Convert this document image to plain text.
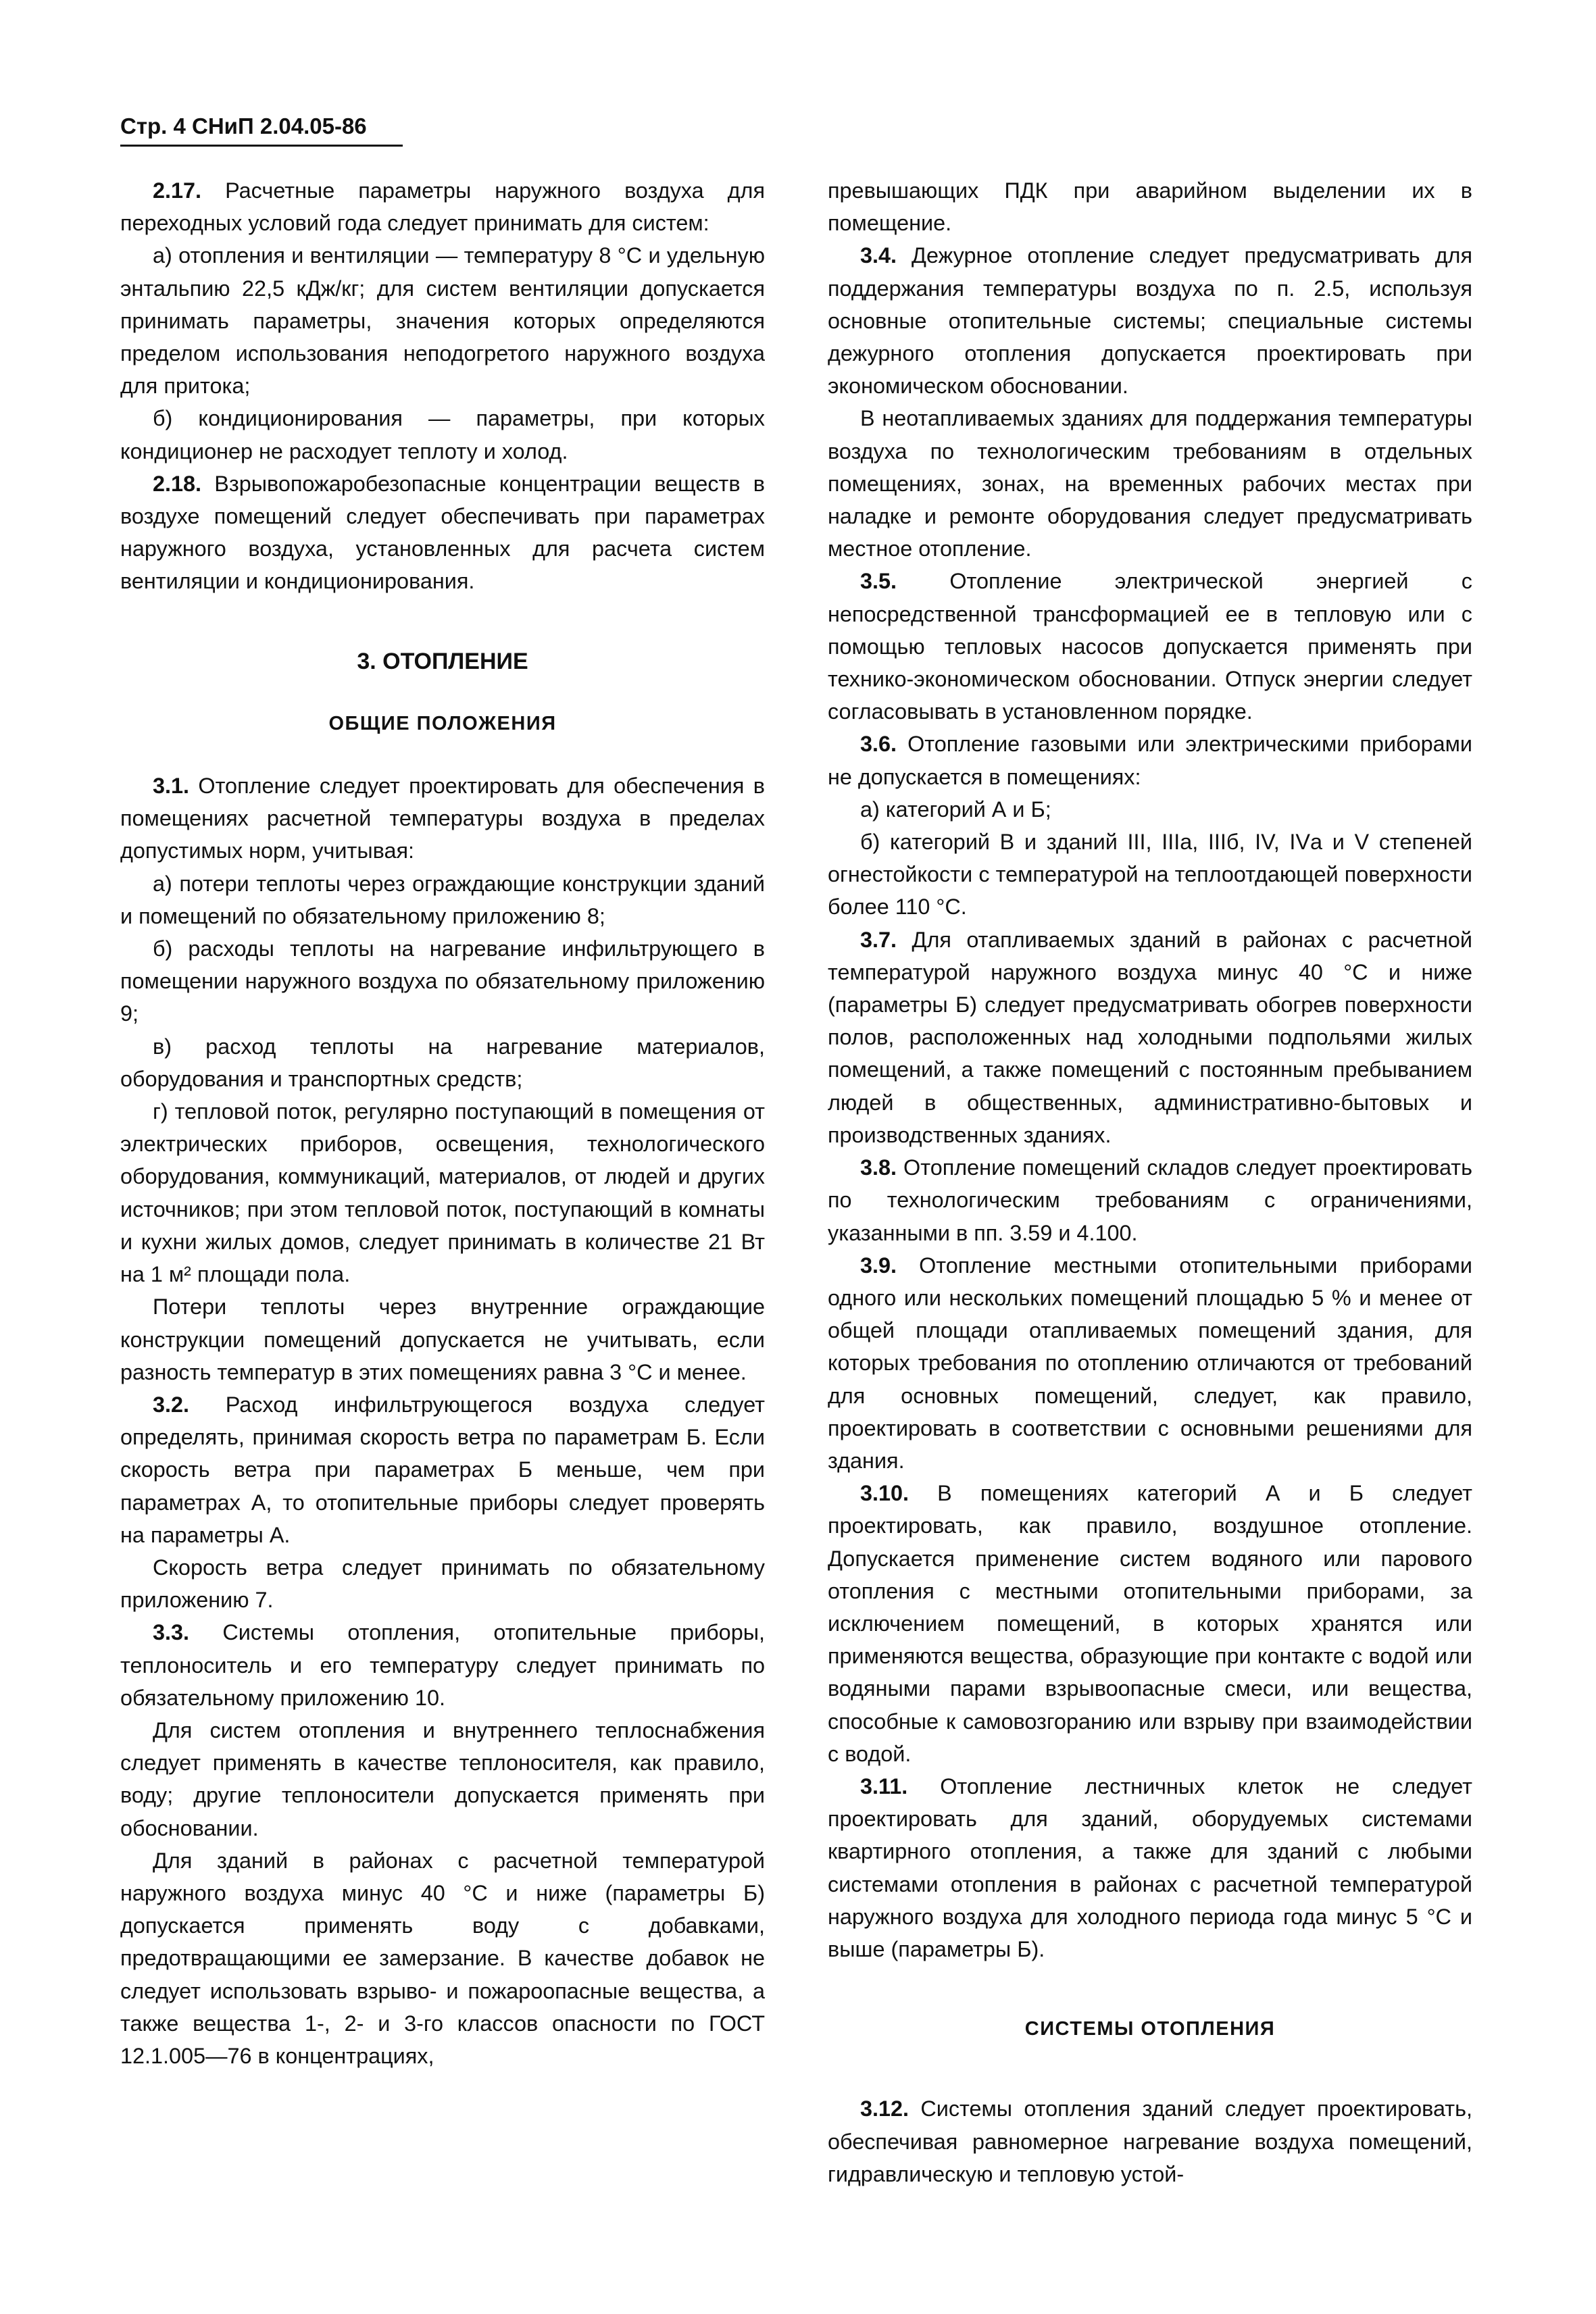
Стр. 4 СНиП 2.04.05-86

2.17. Расчетные параметры наружного воздуха для переходных условий года следует принимать для систем:

а) отопления и вентиляции — температуру 8 °С и удельную энтальпию 22,5 кДж/кг; для систем вентиляции допускается принимать параметры, значения которых определяются пределом использования неподогретого наружного воздуха для притока;

б) кондиционирования — параметры, при которых кондиционер не расходует теплоту и холод.

2.18. Взрывопожаробезопасные концентрации веществ в воздухе помещений следует обеспечивать при параметрах наружного воздуха, установленных для расчета систем вентиляции и кондиционирования.

3. ОТОПЛЕНИЕ
ОБЩИЕ ПОЛОЖЕНИЯ

3.1. Отопление следует проектировать для обеспечения в помещениях расчетной температуры воздуха в пределах допустимых норм, учитывая:

а) потери теплоты через ограждающие конструкции зданий и помещений по обязательному приложению 8;

б) расходы теплоты на нагревание инфильтрующего в помещении наружного воздуха по обязательному приложению 9;

в) расход теплоты на нагревание материалов, оборудования и транспортных средств;

г) тепловой поток, регулярно поступающий в помещения от электрических приборов, освещения, технологического оборудования, коммуникаций, материалов, от людей и других источников; при этом тепловой поток, поступающий в комнаты и кухни жилых домов, следует принимать в количестве 21 Вт на 1 м² площади пола.

Потери теплоты через внутренние ограждающие конструкции помещений допускается не учитывать, если разность температур в этих помещениях равна 3 °С и менее.

3.2. Расход инфильтрующегося воздуха следует определять, принимая скорость ветра по параметрам Б. Если скорость ветра при параметрах Б меньше, чем при параметрах А, то отопительные приборы следует проверять на параметры А.

Скорость ветра следует принимать по обязательному приложению 7.

3.3. Системы отопления, отопительные приборы, теплоноситель и его температуру следует принимать по обязательному приложению 10.

Для систем отопления и внутреннего теплоснабжения следует применять в качестве теплоносителя, как правило, воду; другие теплоносители допускается применять при обосновании.

Для зданий в районах с расчетной температурой наружного воздуха минус 40 °С и ниже (параметры Б) допускается применять воду с добавками, предотвращающими ее замерзание. В качестве добавок не следует использовать взрыво- и пожароопасные вещества, а также вещества 1-, 2- и 3-го классов опасности по ГОСТ 12.1.005—76 в концентрациях,

превышающих ПДК при аварийном выделении их в помещение.

3.4. Дежурное отопление следует предусматривать для поддержания температуры воздуха по п. 2.5, используя основные отопительные системы; специальные системы дежурного отопления допускается проектировать при экономическом обосновании.

В неотапливаемых зданиях для поддержания температуры воздуха по технологическим требованиям в отдельных помещениях, зонах, на временных рабочих местах при наладке и ремонте оборудования следует предусматривать местное отопление.

3.5. Отопление электрической энергией с непосредственной трансформацией ее в тепловую или с помощью тепловых насосов допускается применять при технико-экономическом обосновании. Отпуск энергии следует согласовывать в установленном порядке.

3.6. Отопление газовыми или электрическими приборами не допускается в помещениях:

а) категорий А и Б;

б) категорий В и зданий III, IIIа, IIIб, IV, IVа и V степеней огнестойкости с температурой на теплоотдающей поверхности более 110 °С.

3.7. Для отапливаемых зданий в районах с расчетной температурой наружного воздуха минус 40 °С и ниже (параметры Б) следует предусматривать обогрев поверхности полов, расположенных над холодными подпольями жилых помещений, а также помещений с постоянным пребыванием людей в общественных, административно-бытовых и производственных зданиях.

3.8. Отопление помещений складов следует проектировать по технологическим требованиям с ограничениями, указанными в пп. 3.59 и 4.100.

3.9. Отопление местными отопительными приборами одного или нескольких помещений площадью 5 % и менее от общей площади отапливаемых помещений здания, для которых требования по отоплению отличаются от требований для основных помещений, следует, как правило, проектировать в соответствии с основными решениями для здания.

3.10. В помещениях категорий А и Б следует проектировать, как правило, воздушное отопление. Допускается применение систем водяного или парового отопления с местными отопительными приборами, за исключением помещений, в которых хранятся или применяются вещества, образующие при контакте с водой или водяными парами взрывоопасные смеси, или вещества, способные к самовозгоранию или взрыву при взаимодействии с водой.

3.11. Отопление лестничных клеток не следует проектировать для зданий, оборудуемых системами квартирного отопления, а также для зданий с любыми системами отопления в районах с расчетной температурой наружного воздуха для холодного периода года минус 5 °С и выше (параметры Б).

СИСТЕМЫ ОТОПЛЕНИЯ

3.12. Системы отопления зданий следует проектировать, обеспечивая равномерное нагревание воздуха помещений, гидравлическую и тепловую устой-
